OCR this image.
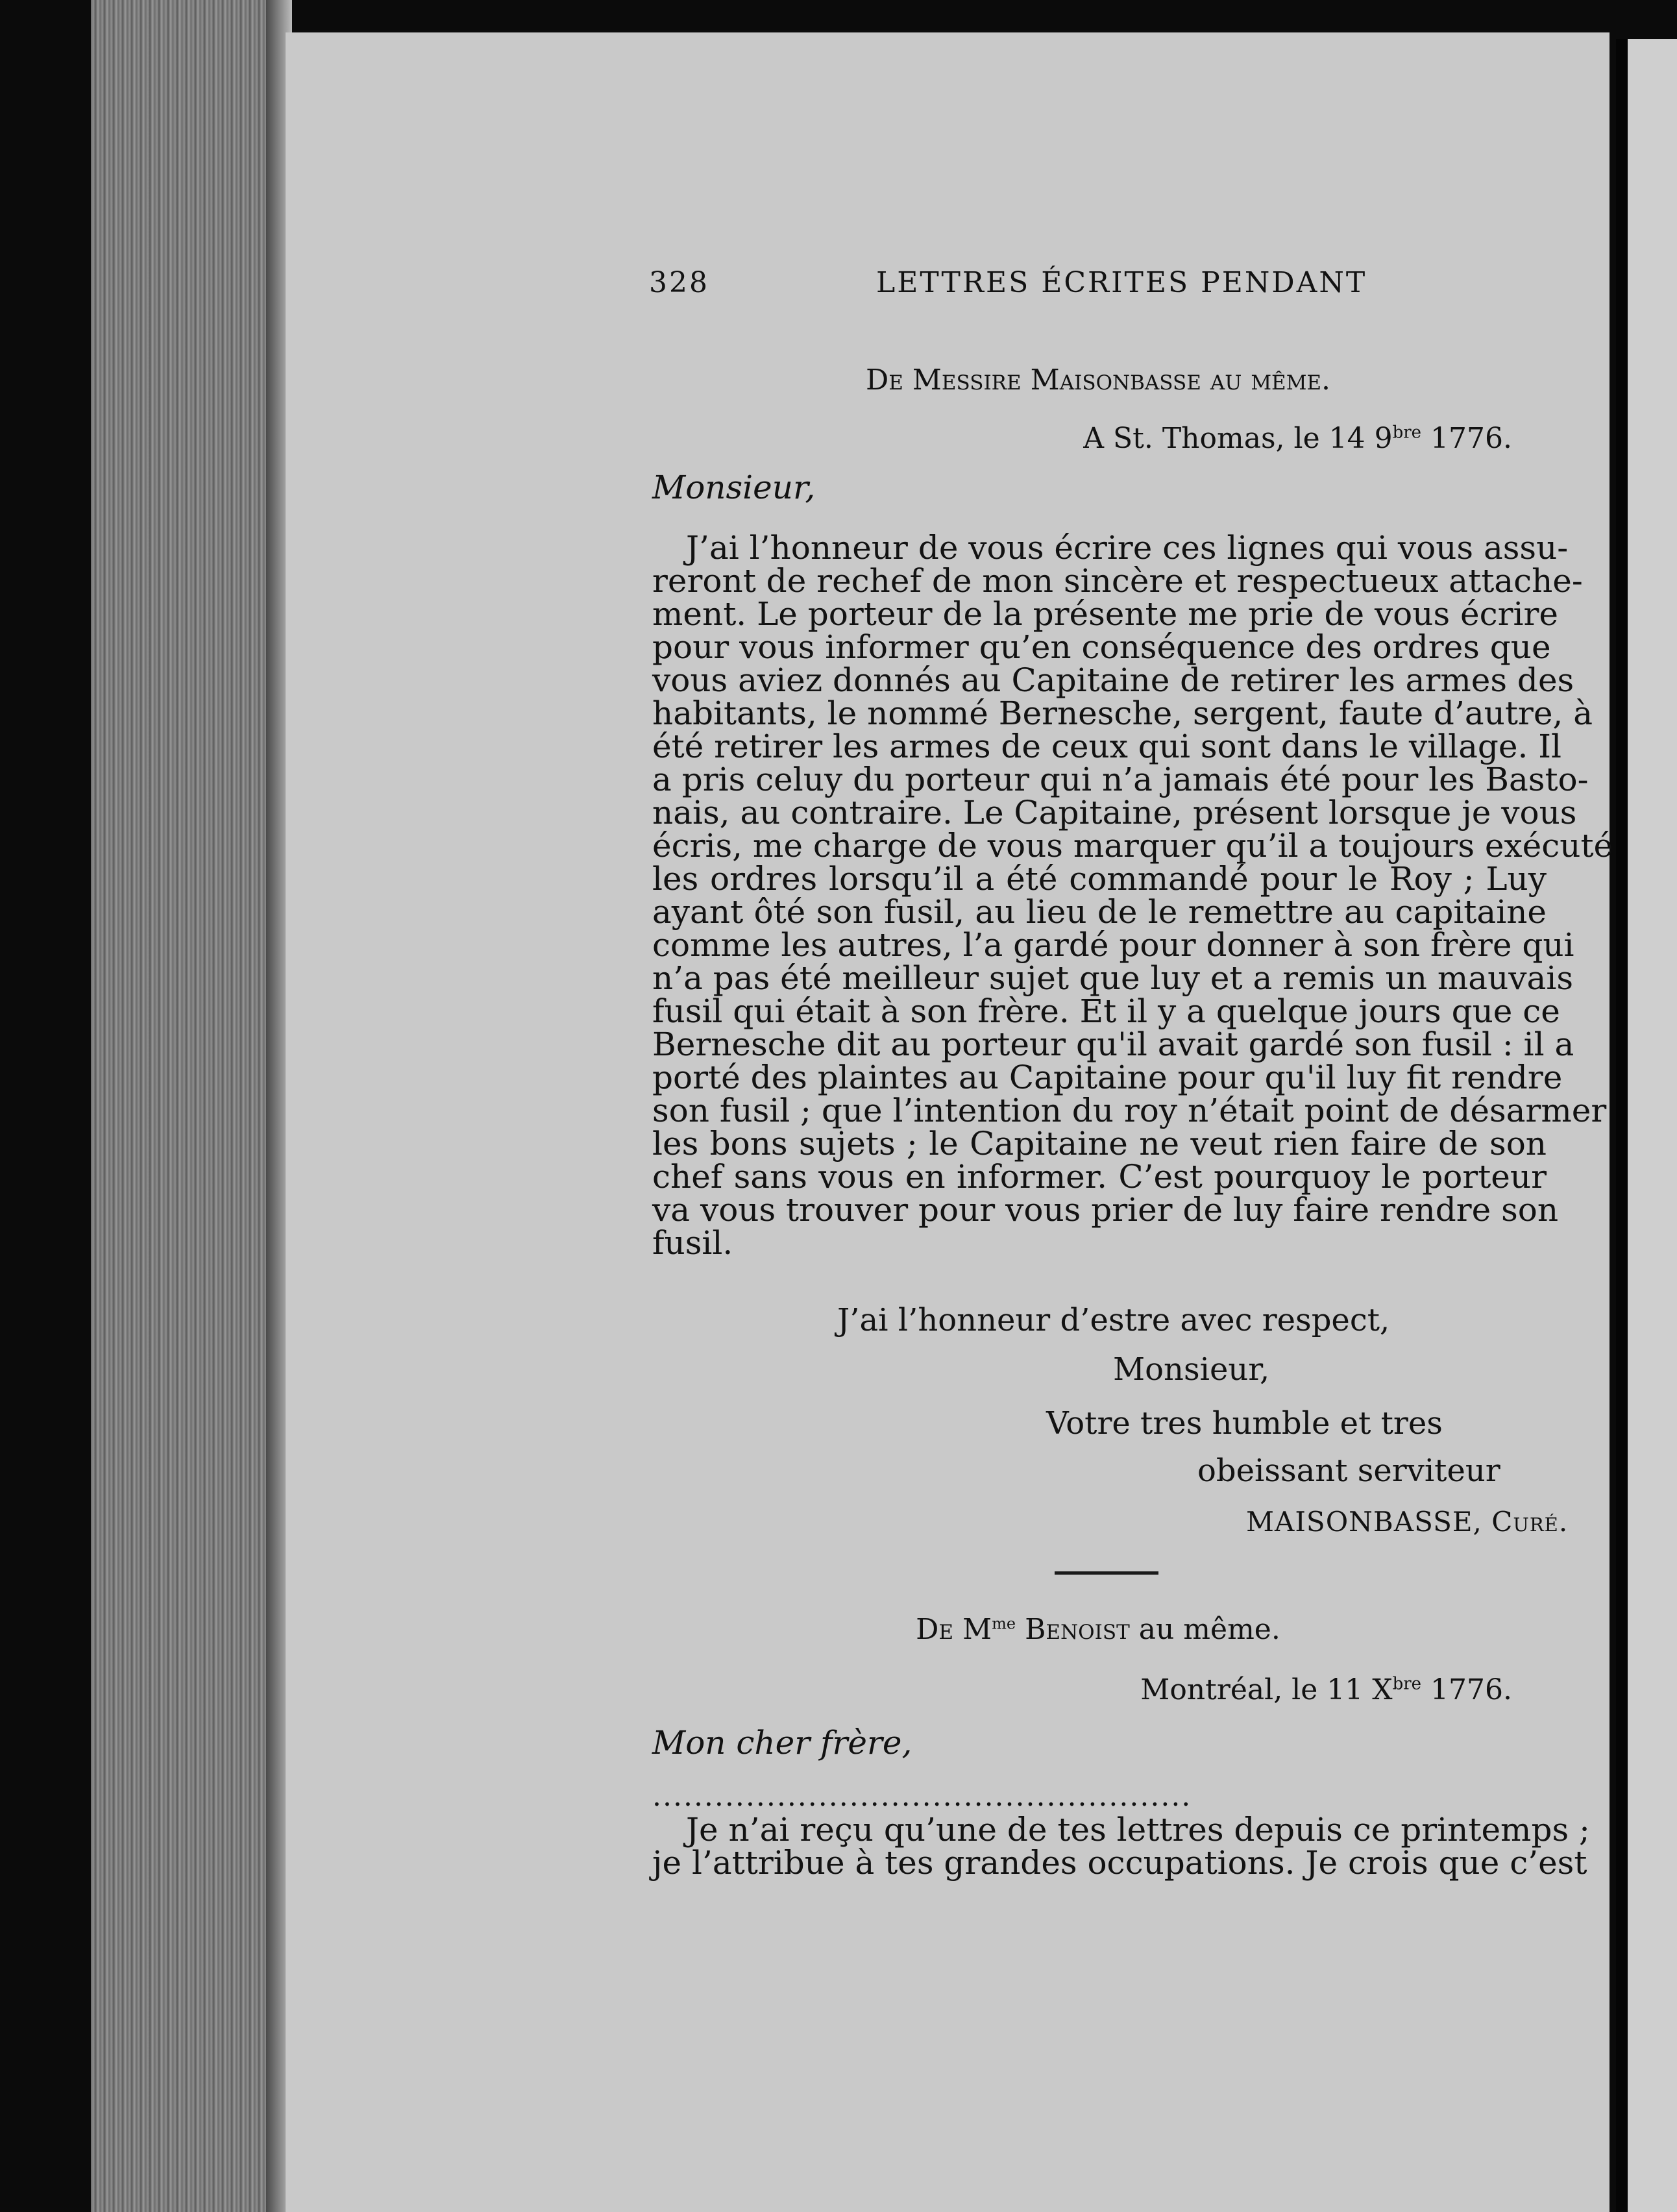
328	LETTRES ÉCRITES PENDANT
De Messire Maisonbasse au même.
A St. Thomas, le 14 $9^{bre}$ 1776.
Monsieur,
J’ai l’honneur de vous écrire ces lignes qui vous assu-
reront de rechef de mon sincère et respectueux attache-
ment. Le porteur de la présente me prie de vous écrire
pour vous informer qu’en conséquence des ordres que
vous aviez donnés au Capitaine de retirer les armes des
habitants, le nommé Bernesche, sergent, faute d’autre, à
été retirer les armes de ceux qui sont dans le village. Il
a pris celuy du porteur qui n’a jamais été pour les Basto-
nais, au contraire. Le Capitaine, présent lorsque je vous
écris, me charge de vous marquer qu’il a toujours exécuté
les ordres lorsqu’il a été commandé pour le Roy ; Luy
ayant ôté son fusil, au lieu de le remettre au capitaine
comme les autres, l’a gardé pour donner à son frère qui
n’a pas été meilleur sujet que luy et a remis un mauvais
fusil qui était à son frère. Et il y a quelque jours que ce
Bernesche dit au porteur qu'il avait gardé son fusil : il a
porté des plaintes au Capitaine pour qu'il luy fit rendre
son fusil ; que l’intention du roy n’était point de désarmer
les bons sujets ; le Capitaine ne veut rien faire de son
chef sans vous en informer. C’est pourquoy le porteur
va vous trouver pour vous prier de luy faire rendre son
fusil.
J’ai l’honneur d’estre avec respect,
Monsieur,
Votre tres humble et tres
obeissant serviteur
MAISONBASSE, Curé.
De $M^{me}$ Benoist au même.
Montréal, le 11 $X^{bre}$ 1776.
Mon cher frère,
....................................................
Je n’ai reçu qu’une de tes lettres depuis ce printemps ;
je l’attribue à tes grandes occupations. Je crois que c’est
